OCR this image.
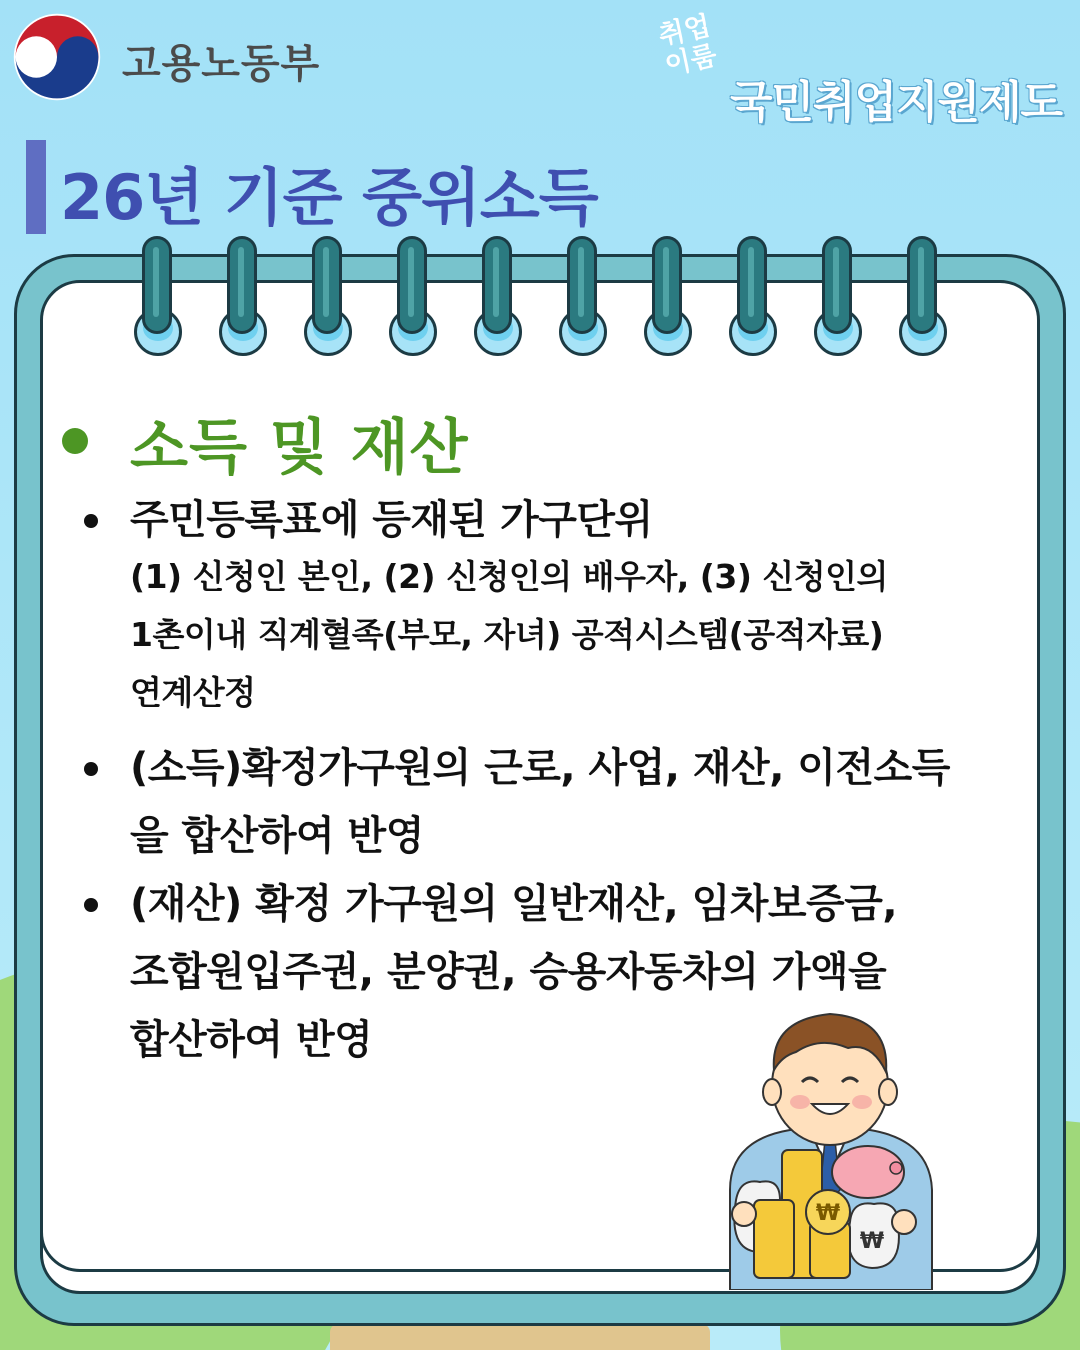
고용노동부
취업
이룸
국민취업지원제도
26년 기준 중위소득
소득 및 재산
주민등록표에 등재된 가구단위
(1) 신청인 본인, (2) 신청인의 배우자, (3) 신청인의
1촌이내 직계혈족(부모, 자녀) 공적시스템(공적자료)
연계산정
(소득)확정가구원의 근로, 사업, 재산, 이전소득
을 합산하여 반영
(재산) 확정 가구원의 일반재산, 임차보증금,
조합원입주권, 분양권, 승용자동차의 가액을
합산하여 반영
₩
₩
